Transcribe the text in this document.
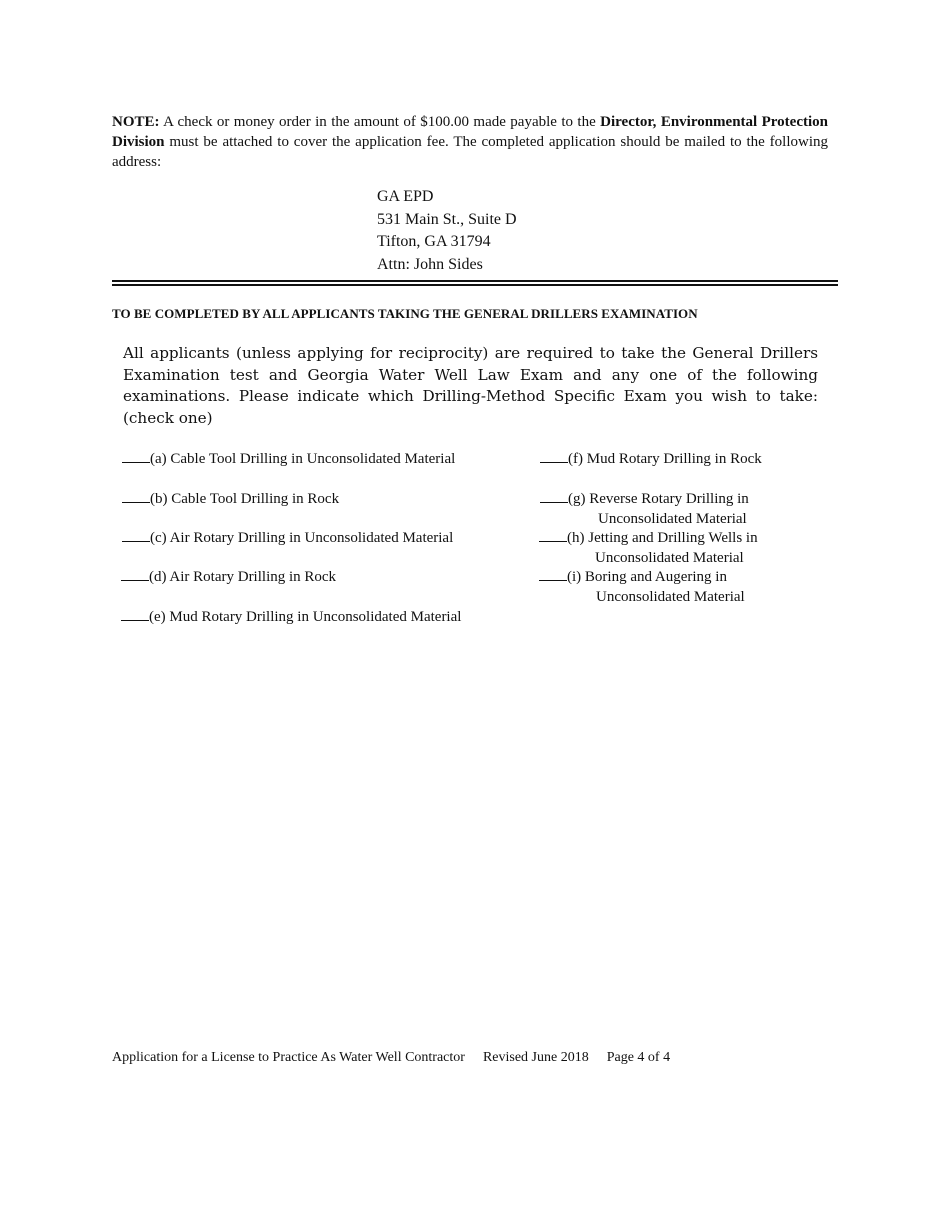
NOTE: A check or money order in the amount of $100.00 made payable to the Director, Environmental Protection Division must be attached to cover the application fee. The completed application should be mailed to the following address:
GA EPD
531 Main St., Suite D
Tifton, GA 31794
Attn: John Sides
TO BE COMPLETED BY ALL APPLICANTS TAKING THE GENERAL DRILLERS EXAMINATION
All applicants (unless applying for reciprocity) are required to take the General Drillers Examination test and Georgia Water Well Law Exam and any one of the following examinations. Please indicate which Drilling-Method Specific Exam you wish to take: (check one)
(a) Cable Tool Drilling in Unconsolidated Material
(b) Cable Tool Drilling in Rock
(c) Air Rotary Drilling in Unconsolidated Material
(d) Air Rotary Drilling in Rock
(e) Mud Rotary Drilling in Unconsolidated Material
(f) Mud Rotary Drilling in Rock
(g) Reverse Rotary Drilling in
Unconsolidated Material
(h) Jetting and Drilling Wells in
Unconsolidated Material
(i) Boring and Augering in
Unconsolidated Material
Application for a License to Practice As Water Well Contractor Revised June 2018 Page 4 of 4
